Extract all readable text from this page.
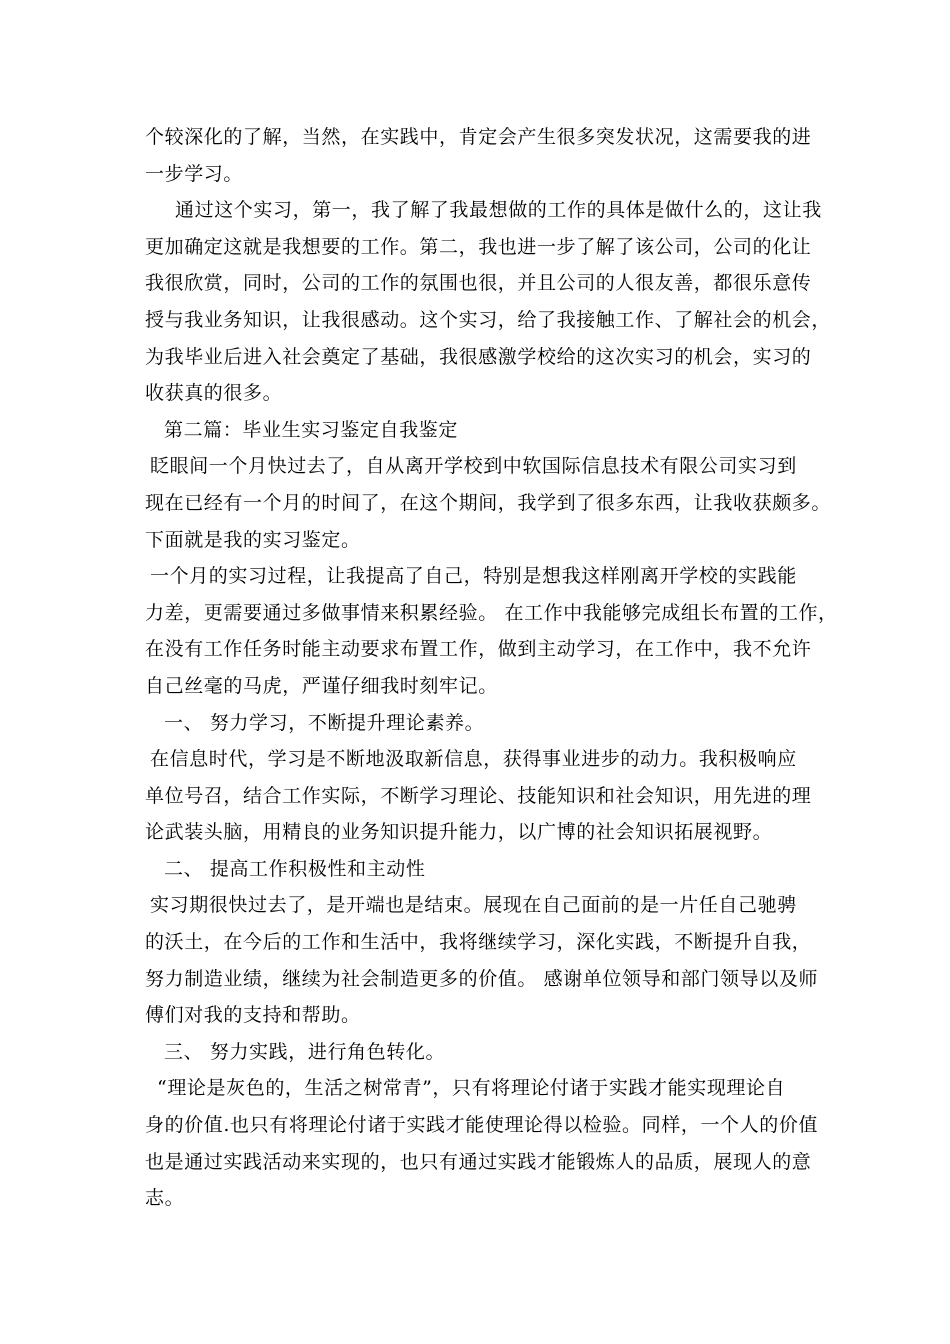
个较深化的了解，当然，在实践中，肯定会产生很多突发状况，这需要我的进
一步学习。
通过这个实习，第一，我了解了我最想做的工作的具体是做什么的，这让我
更加确定这就是我想要的工作。第二，我也进一步了解了该公司，公司的化让
我很欣赏，同时，公司的工作的氛围也很，并且公司的人很友善，都很乐意传
授与我业务知识，让我很感动。这个实习，给了我接触工作、了解社会的机会，
为我毕业后进入社会奠定了基础，我很感激学校给的这次实习的机会，实习的
收获真的很多。
第二篇：毕业生实习鉴定自我鉴定
眨眼间一个月快过去了，自从离开学校到中软国际信息技术有限公司实习到
现在已经有一个月的时间了，在这个期间，我学到了很多东西，让我收获颇多。
下面就是我的实习鉴定。
一个月的实习过程，让我提高了自己，特别是想我这样刚离开学校的实践能
力差，更需要通过多做事情来积累经验。 在工作中我能够完成组长布置的工作，
在没有工作任务时能主动要求布置工作，做到主动学习，在工作中，我不允许
自己丝毫的马虎，严谨仔细我时刻牢记。
一、 努力学习，不断提升理论素养。
在信息时代，学习是不断地汲取新信息，获得事业进步的动力。我积极响应
单位号召，结合工作实际，不断学习理论、技能知识和社会知识，用先进的理
论武装头脑，用精良的业务知识提升能力，以广博的社会知识拓展视野。
二、 提高工作积极性和主动性
实习期很快过去了，是开端也是结束。展现在自己面前的是一片任自己驰骋
的沃土，在今后的工作和生活中，我将继续学习，深化实践，不断提升自我，
努力制造业绩，继续为社会制造更多的价值。 感谢单位领导和部门领导以及师
傅们对我的支持和帮助。
三、 努力实践，进行角色转化。
“理论是灰色的，生活之树常青”，只有将理论付诸于实践才能实现理论自
身的价值.也只有将理论付诸于实践才能使理论得以检验。同样，一个人的价值
也是通过实践活动来实现的，也只有通过实践才能锻炼人的品质，展现人的意
志。
